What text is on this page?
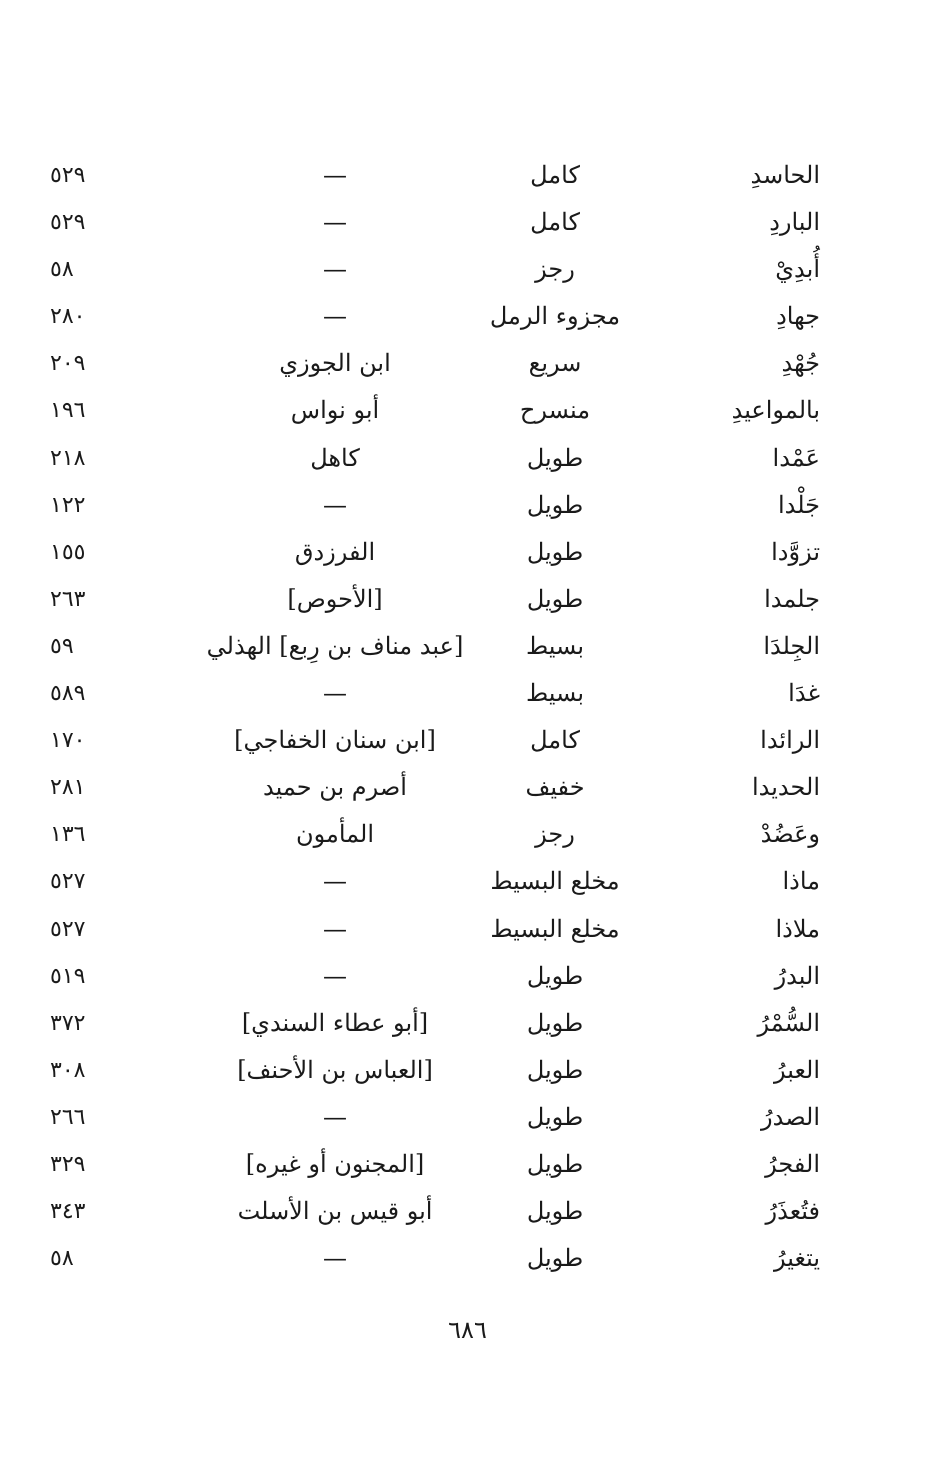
الحاسدِ
كامل
—
٥٢٩
الباردِ
كامل
—
٥٢٩
أُبدِيْ
رجز
—
٥٨
جهادِ
مجزوء الرمل
—
٢٨٠
جُهْدِ
سريع
ابن الجوزي
٢٠٩
بالمواعيدِ
منسرح
أبو نواس
١٩٦
عَمْدا
طويل
كاهل
٢١٨
جَلْدا
طويل
—
١٢٢
تزوَّدا
طويل
الفرزدق
١٥٥
جلمدا
طويل
[الأحوص]
٢٦٣
الجِلدَا
بسيط
[عبد مناف بن رِبع] الهذلي
٥٩
غدَا
بسيط
—
٥٨٩
الرائدا
كامل
[ابن سنان الخفاجي]
١٧٠
الحديدا
خفيف
أصرم بن حميد
٢٨١
وعَضُدْ
رجز
المأمون
١٣٦
ماذا
مخلع البسيط
—
٥٢٧
ملاذا
مخلع البسيط
—
٥٢٧
البدرُ
طويل
—
٥١٩
السُّمْرُ
طويل
[أبو عطاء السندي]
٣٧٢
العبرُ
طويل
[العباس بن الأحنف]
٣٠٨
الصدرُ
طويل
—
٢٦٦
الفجرُ
طويل
[المجنون أو غيره]
٣٢٩
فتُعذَرُ
طويل
أبو قيس بن الأسلت
٣٤٣
يتغيرُ
طويل
—
٥٨
٦٨٦
